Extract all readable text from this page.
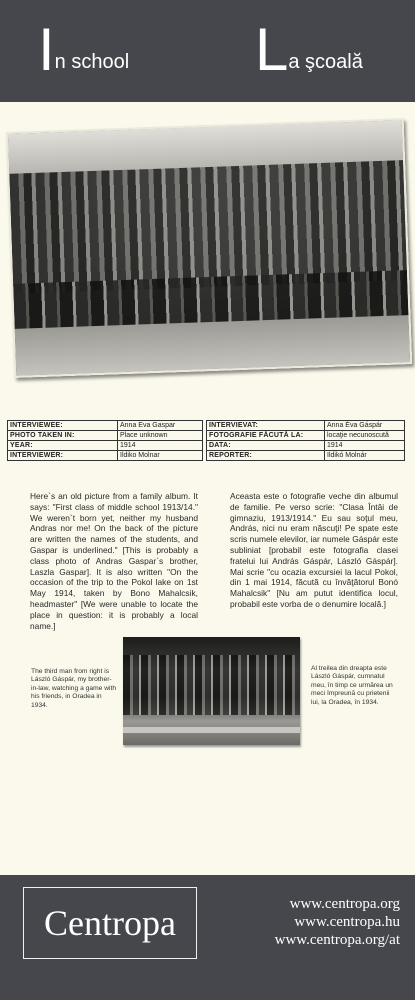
In school La şcoală
INTERVIEWEE:	Anna Eva Gaspar
PHOTO TAKEN IN:	Place unknown
YEAR:	1914
INTERVIEWER:	Ildiko Molnar
INTERVIEVAT:	Anna Éva Gáspár
FOTOGRAFIE FĂCUTĂ LA:	locaţie necunoscută
DATA:	1914
REPORTER:	Ildikó Molnár
Here`s an old picture from a family album. It says: "First class of middle school 1913/14." We weren`t born yet, neither my husband Andras nor me! On the back of the picture are written the names of the students, and Gaspar is underlined." [This is probably a class photo of Andras Gaspar`s brother, Laszla Gaspar]. It is also written "On the occasion of the trip to the Pokol lake on 1st May 1914, taken by Bono Mahalcsik, headmaster" [We were unable to locate the place in question: it is probably a local name.]
Aceasta este o fotografie veche din albumul de familie. Pe verso scrie: "Clasa Întâi de gimnaziu, 1913/1914." Eu sau soţul meu, András, nici nu eram născuţi! Pe spate este scris numele elevilor, iar numele Gáspár este subliniat [probabil este fotografia clasei fratelui lui András Gáspár, László Gáspár]. Mai scrie "cu ocazia excursiei la lacul Pokol, din 1 mai 1914, făcută cu învăţătorul Bonó Mahalcsik" [Nu am putut identifica locul, probabil este vorba de o denumire locală.]
The third man from right is László Gáspár, my brother-in-law, watching a game with his friends, in Oradea in 1934.
Al treilea din dreapta este László Gáspár, cumnatul meu, în timp ce urmărea un meci împreună cu prietenii lui, la Oradea, în 1934.
Centropa	www.centropa.org
www.centropa.hu
www.centropa.org/at
